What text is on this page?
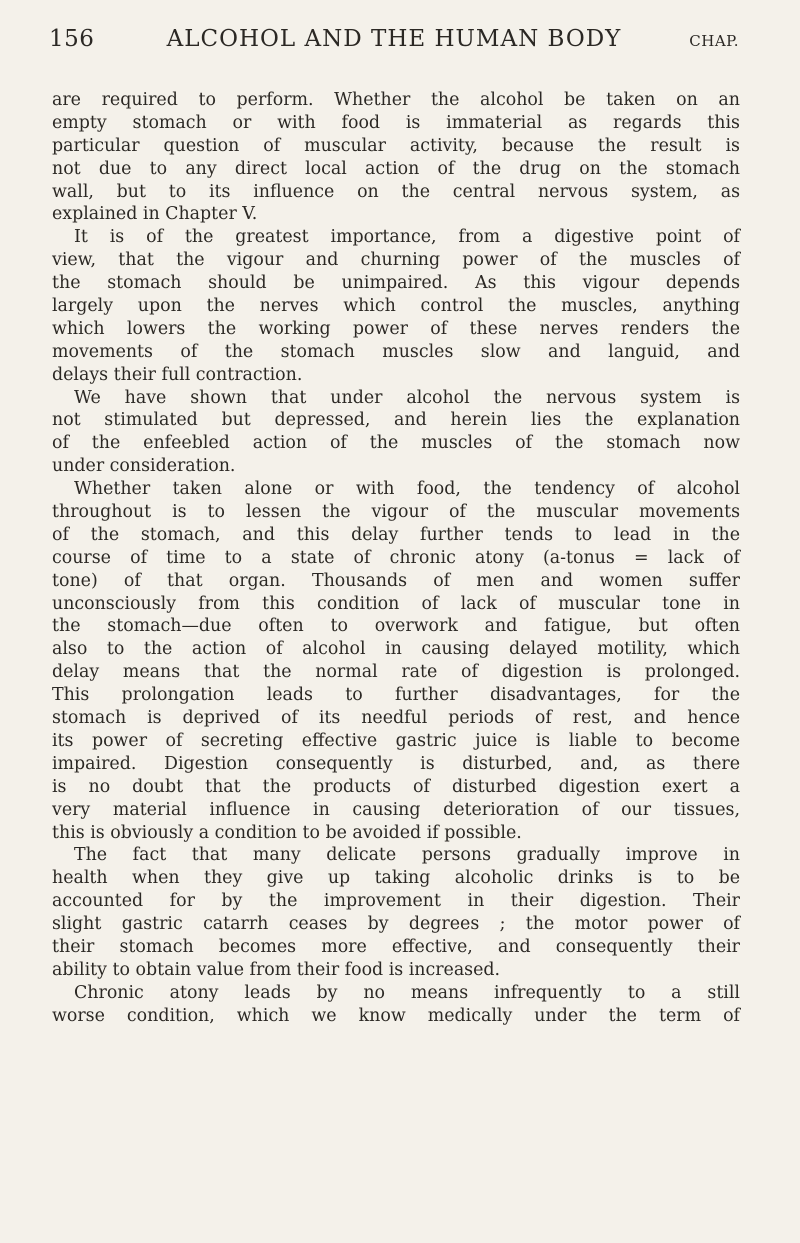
156	ALCOHOL AND THE HUMAN BODY	CHAP.
are required to perform. Whether the alcohol be taken on an
empty stomach or with food is immaterial as regards this
particular question of muscular activity, because the result is
not due to any direct local action of the drug on the stomach
wall, but to its influence on the central nervous system, as
explained in Chapter V.
It is of the greatest importance, from a digestive point of
view, that the vigour and churning power of the muscles of
the stomach should be unimpaired. As this vigour depends
largely upon the nerves which control the muscles, anything
which lowers the working power of these nerves renders the
movements of the stomach muscles slow and languid, and
delays their full contraction.
We have shown that under alcohol the nervous system is
not stimulated but depressed, and herein lies the explanation
of the enfeebled action of the muscles of the stomach now
under consideration.
Whether taken alone or with food, the tendency of alcohol
throughout is to lessen the vigour of the muscular movements
of the stomach, and this delay further tends to lead in the
course of time to a state of chronic atony (a-tonus = lack of
tone) of that organ. Thousands of men and women suffer
unconsciously from this condition of lack of muscular tone in
the stomach—due often to overwork and fatigue, but often
also to the action of alcohol in causing delayed motility, which
delay means that the normal rate of digestion is prolonged.
This prolongation leads to further disadvantages, for the
stomach is deprived of its needful periods of rest, and hence
its power of secreting effective gastric juice is liable to become
impaired. Digestion consequently is disturbed, and, as there
is no doubt that the products of disturbed digestion exert a
very material influence in causing deterioration of our tissues,
this is obviously a condition to be avoided if possible.
The fact that many delicate persons gradually improve in
health when they give up taking alcoholic drinks is to be
accounted for by the improvement in their digestion. Their
slight gastric catarrh ceases by degrees ; the motor power of
their stomach becomes more effective, and consequently their
ability to obtain value from their food is increased.
Chronic atony leads by no means infrequently to a still
worse condition, which we know medically under the term of
